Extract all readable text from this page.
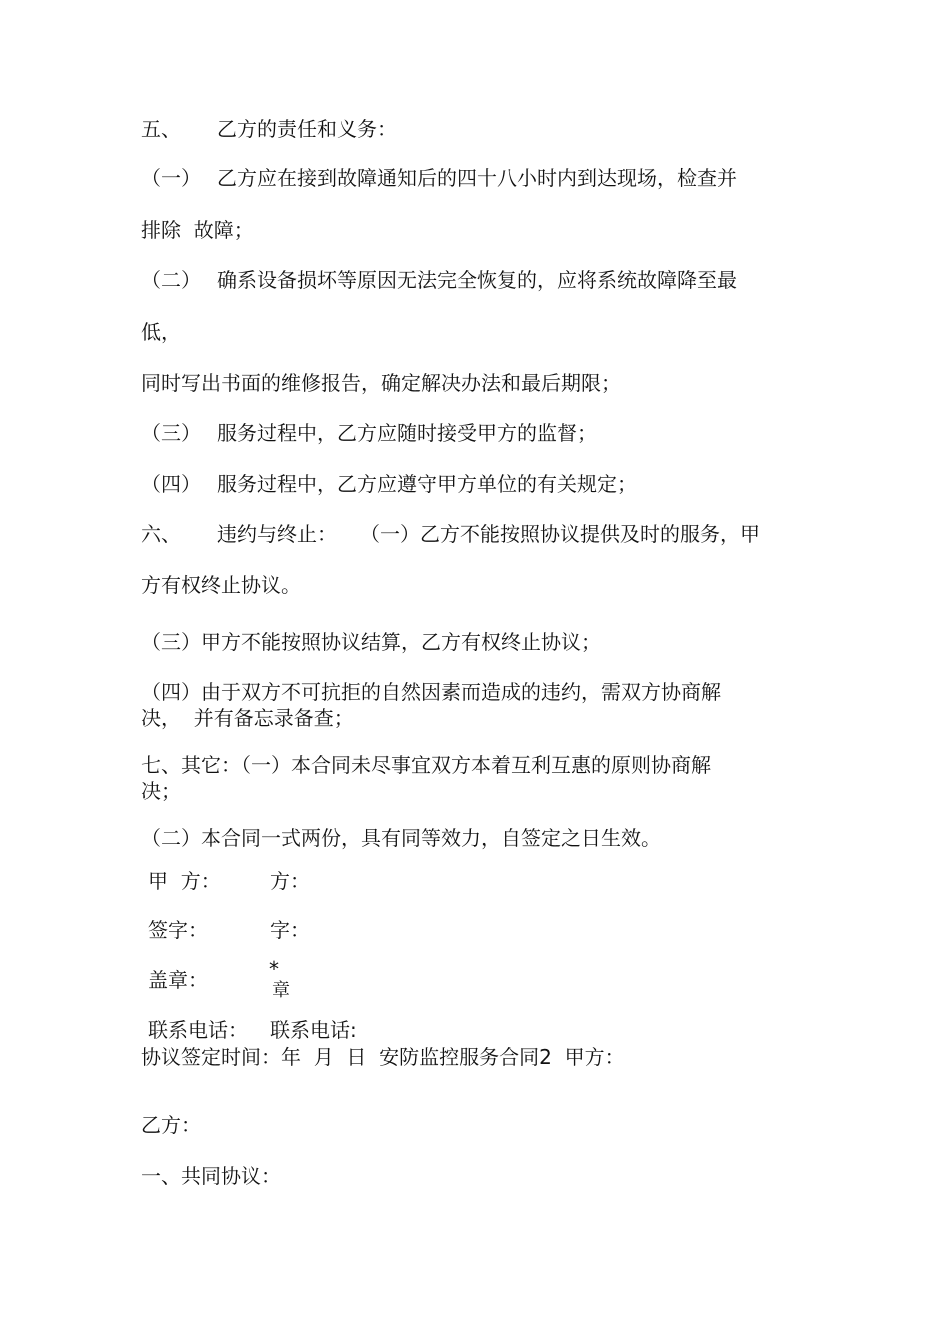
五、 乙方的责任和义务：
（一） 乙方应在接到故障通知后的四十八小时内到达现场，检查并
排除  故障；
（二） 确系设备损坏等原因无法完全恢复的，应将系统故障降至最
低，
同时写出书面的维修报告，确定解决办法和最后期限；
（三） 服务过程中，乙方应随时接受甲方的监督；
（四） 服务过程中，乙方应遵守甲方单位的有关规定；
六、 违约与终止： （一）乙方不能按照协议提供及时的服务，甲
方有权终止协议。
（三）甲方不能按照协议结算，乙方有权终止协议；
（四）由于双方不可抗拒的自然因素而造成的违约，需双方协商解
决，  并有备忘录备查；
七、其它：（一）本合同未尽事宜双方本着互利互惠的原则协商解
决；
（二）本合同一式两份，具有同等效力，自签定之日生效。
甲  方： 方：
签字：	字：
盖章：	*
章
联系电话： 联系电话:
协议签定时间：年  月  日  安防监控服务合同2  甲方：
乙方：
一、共同协议：
